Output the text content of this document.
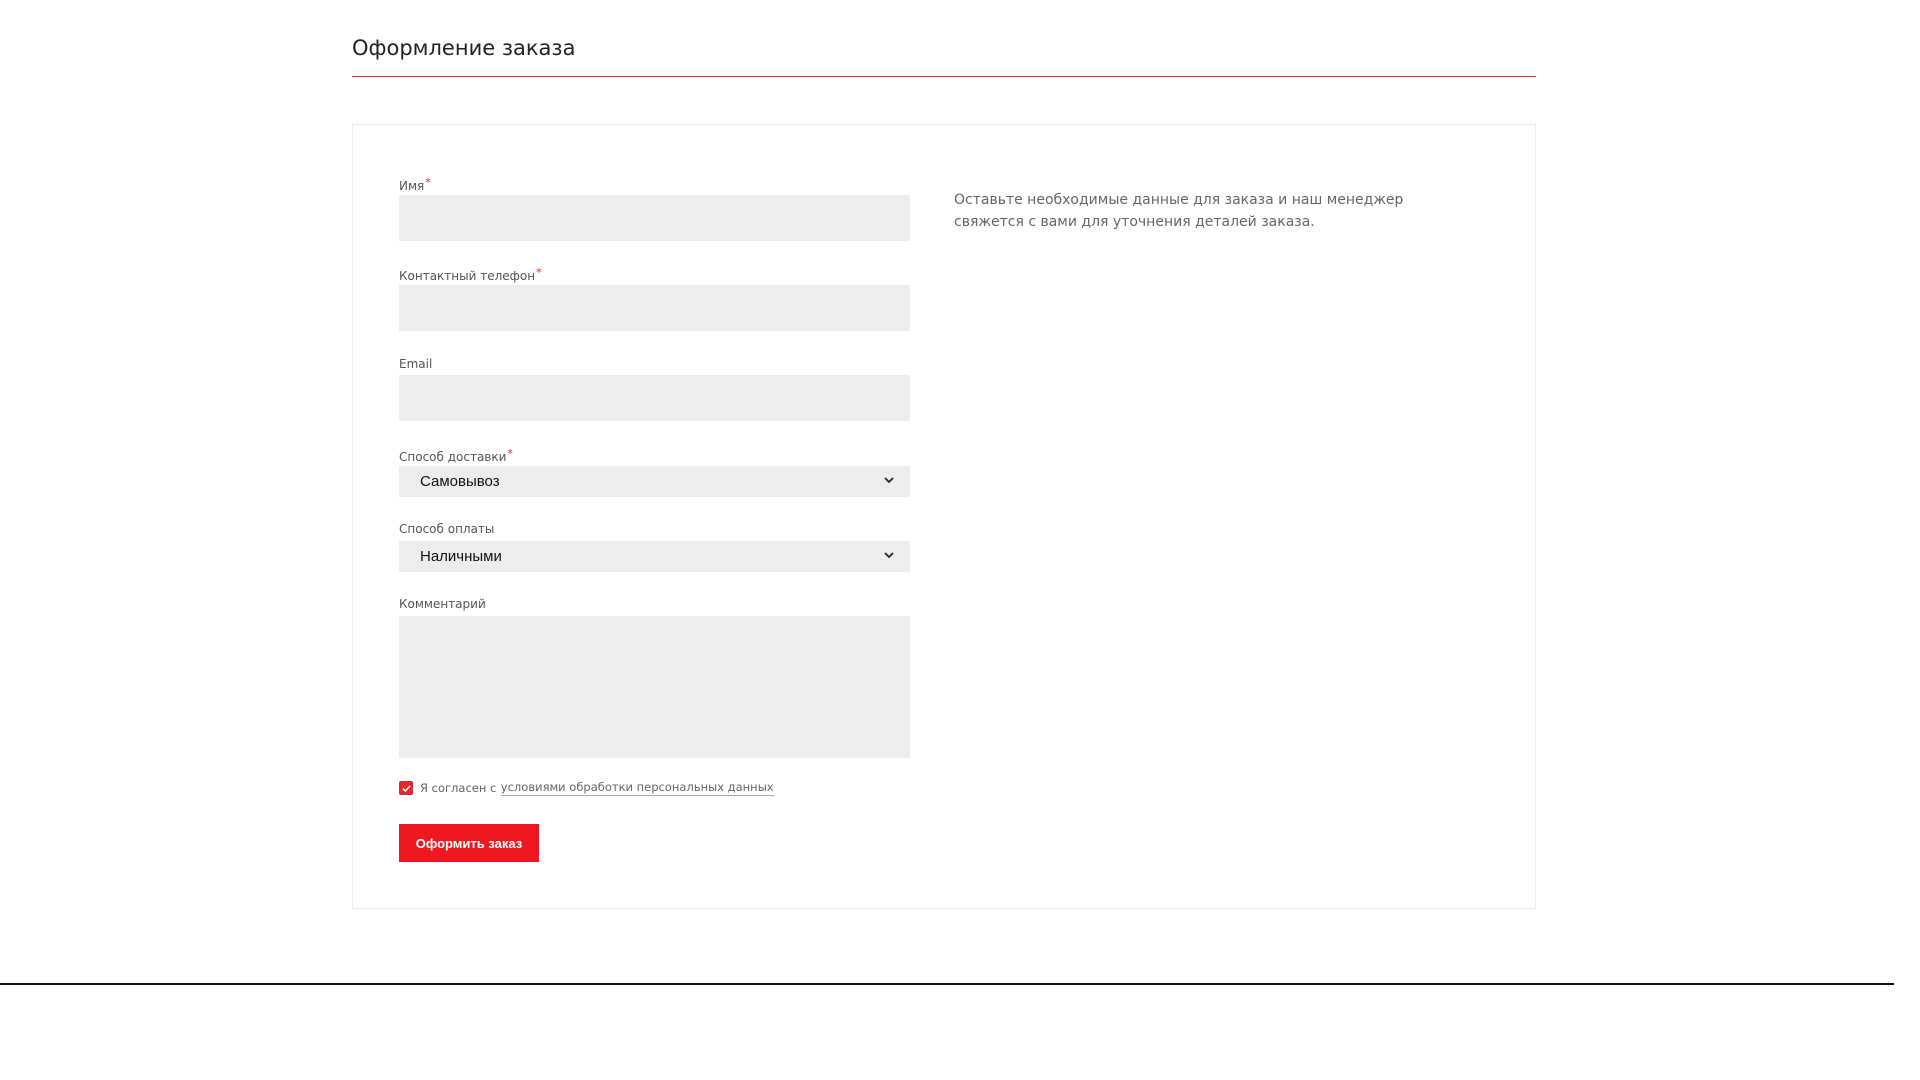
Оформление заказа
Имя*
Контактный телефон*
Email
Способ доставки*
Самовывоз
Способ оплаты
Наличными
Комментарий
Я согласен с
условиями обработки персональных данных
Оформить заказ

Оставьте необходимые данные для заказа и наш менеджер свяжется с вами для уточнения деталей заказа.
